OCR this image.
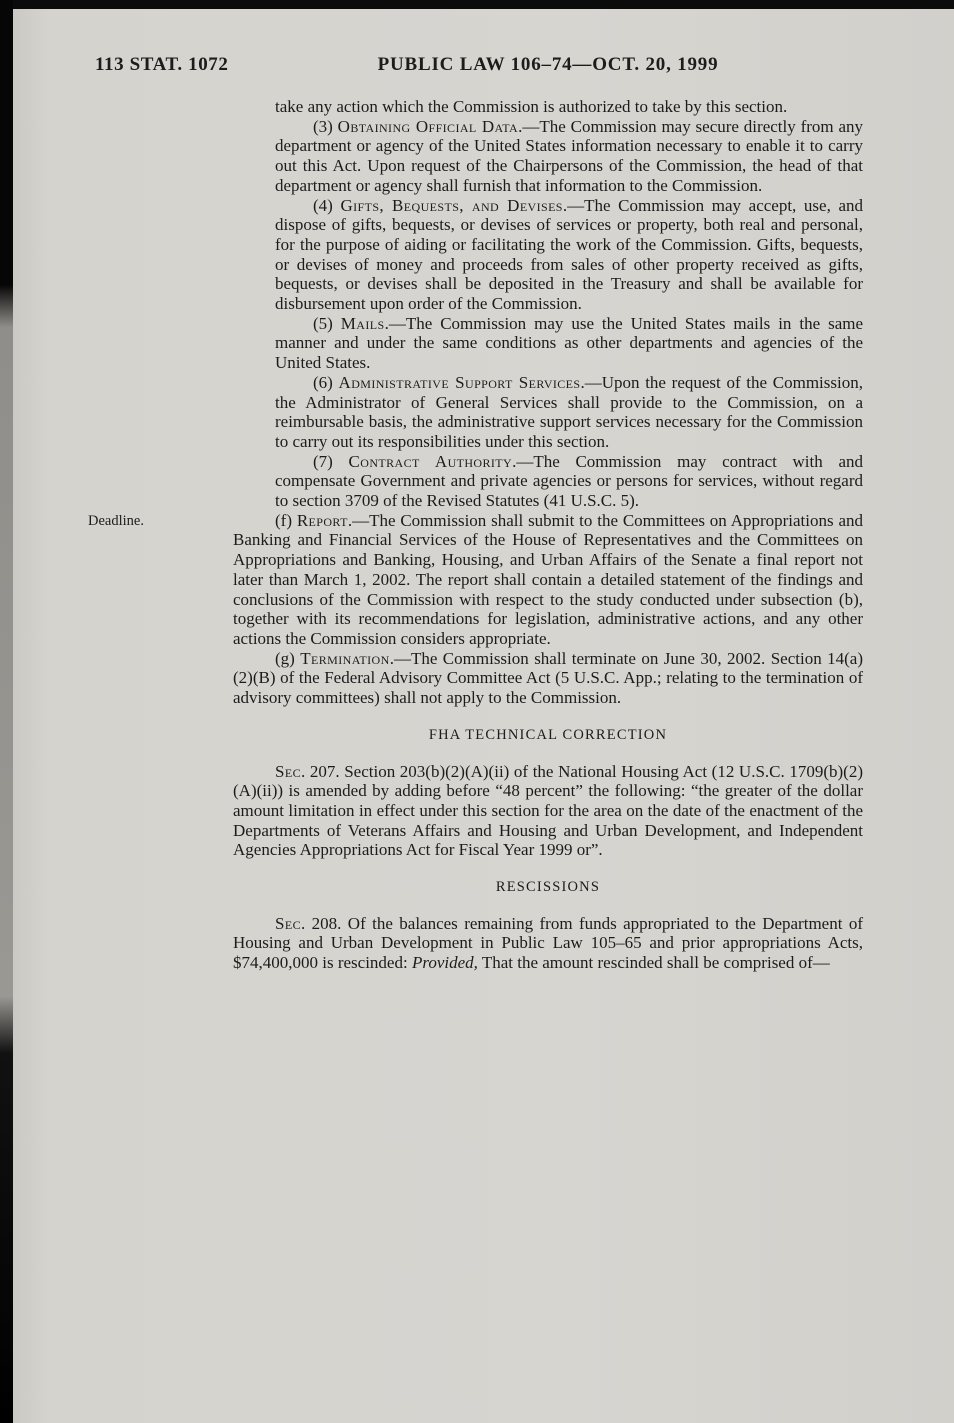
113 STAT. 1072	PUBLIC LAW 106–74—OCT. 20, 1999

take any action which the Commission is authorized to take by this section.

(3) Obtaining Official Data.—The Commission may secure directly from any department or agency of the United States information necessary to enable it to carry out this Act. Upon request of the Chairpersons of the Commission, the head of that department or agency shall furnish that information to the Commission.

(4) Gifts, Bequests, and Devises.—The Commission may accept, use, and dispose of gifts, bequests, or devises of services or property, both real and personal, for the purpose of aiding or facilitating the work of the Commission. Gifts, bequests, or devises of money and proceeds from sales of other property received as gifts, bequests, or devises shall be deposited in the Treasury and shall be available for disbursement upon order of the Commission.

(5) Mails.—The Commission may use the United States mails in the same manner and under the same conditions as other departments and agencies of the United States.

(6) Administrative Support Services.—Upon the request of the Commission, the Administrator of General Services shall provide to the Commission, on a reimbursable basis, the administrative support services necessary for the Commission to carry out its responsibilities under this section.

(7) Contract Authority.—The Commission may contract with and compensate Government and private agencies or persons for services, without regard to section 3709 of the Revised Statutes (41 U.S.C. 5).

Deadline.	(f) Report.—The Commission shall submit to the Committees on Appropriations and Banking and Financial Services of the House of Representatives and the Committees on Appropriations and Banking, Housing, and Urban Affairs of the Senate a final report not later than March 1, 2002. The report shall contain a detailed statement of the findings and conclusions of the Commission with respect to the study conducted under subsection (b), together with its recommendations for legislation, administrative actions, and any other actions the Commission considers appropriate.

(g) Termination.—The Commission shall terminate on June 30, 2002. Section 14(a)(2)(B) of the Federal Advisory Committee Act (5 U.S.C. App.; relating to the termination of advisory committees) shall not apply to the Commission.

FHA TECHNICAL CORRECTION

Sec. 207. Section 203(b)(2)(A)(ii) of the National Housing Act (12 U.S.C. 1709(b)(2)(A)(ii)) is amended by adding before “48 percent” the following: “the greater of the dollar amount limitation in effect under this section for the area on the date of the enactment of the Departments of Veterans Affairs and Housing and Urban Development, and Independent Agencies Appropriations Act for Fiscal Year 1999 or”.

RESCISSIONS

Sec. 208. Of the balances remaining from funds appropriated to the Department of Housing and Urban Development in Public Law 105–65 and prior appropriations Acts, $74,400,000 is rescinded: Provided, That the amount rescinded shall be comprised of—
